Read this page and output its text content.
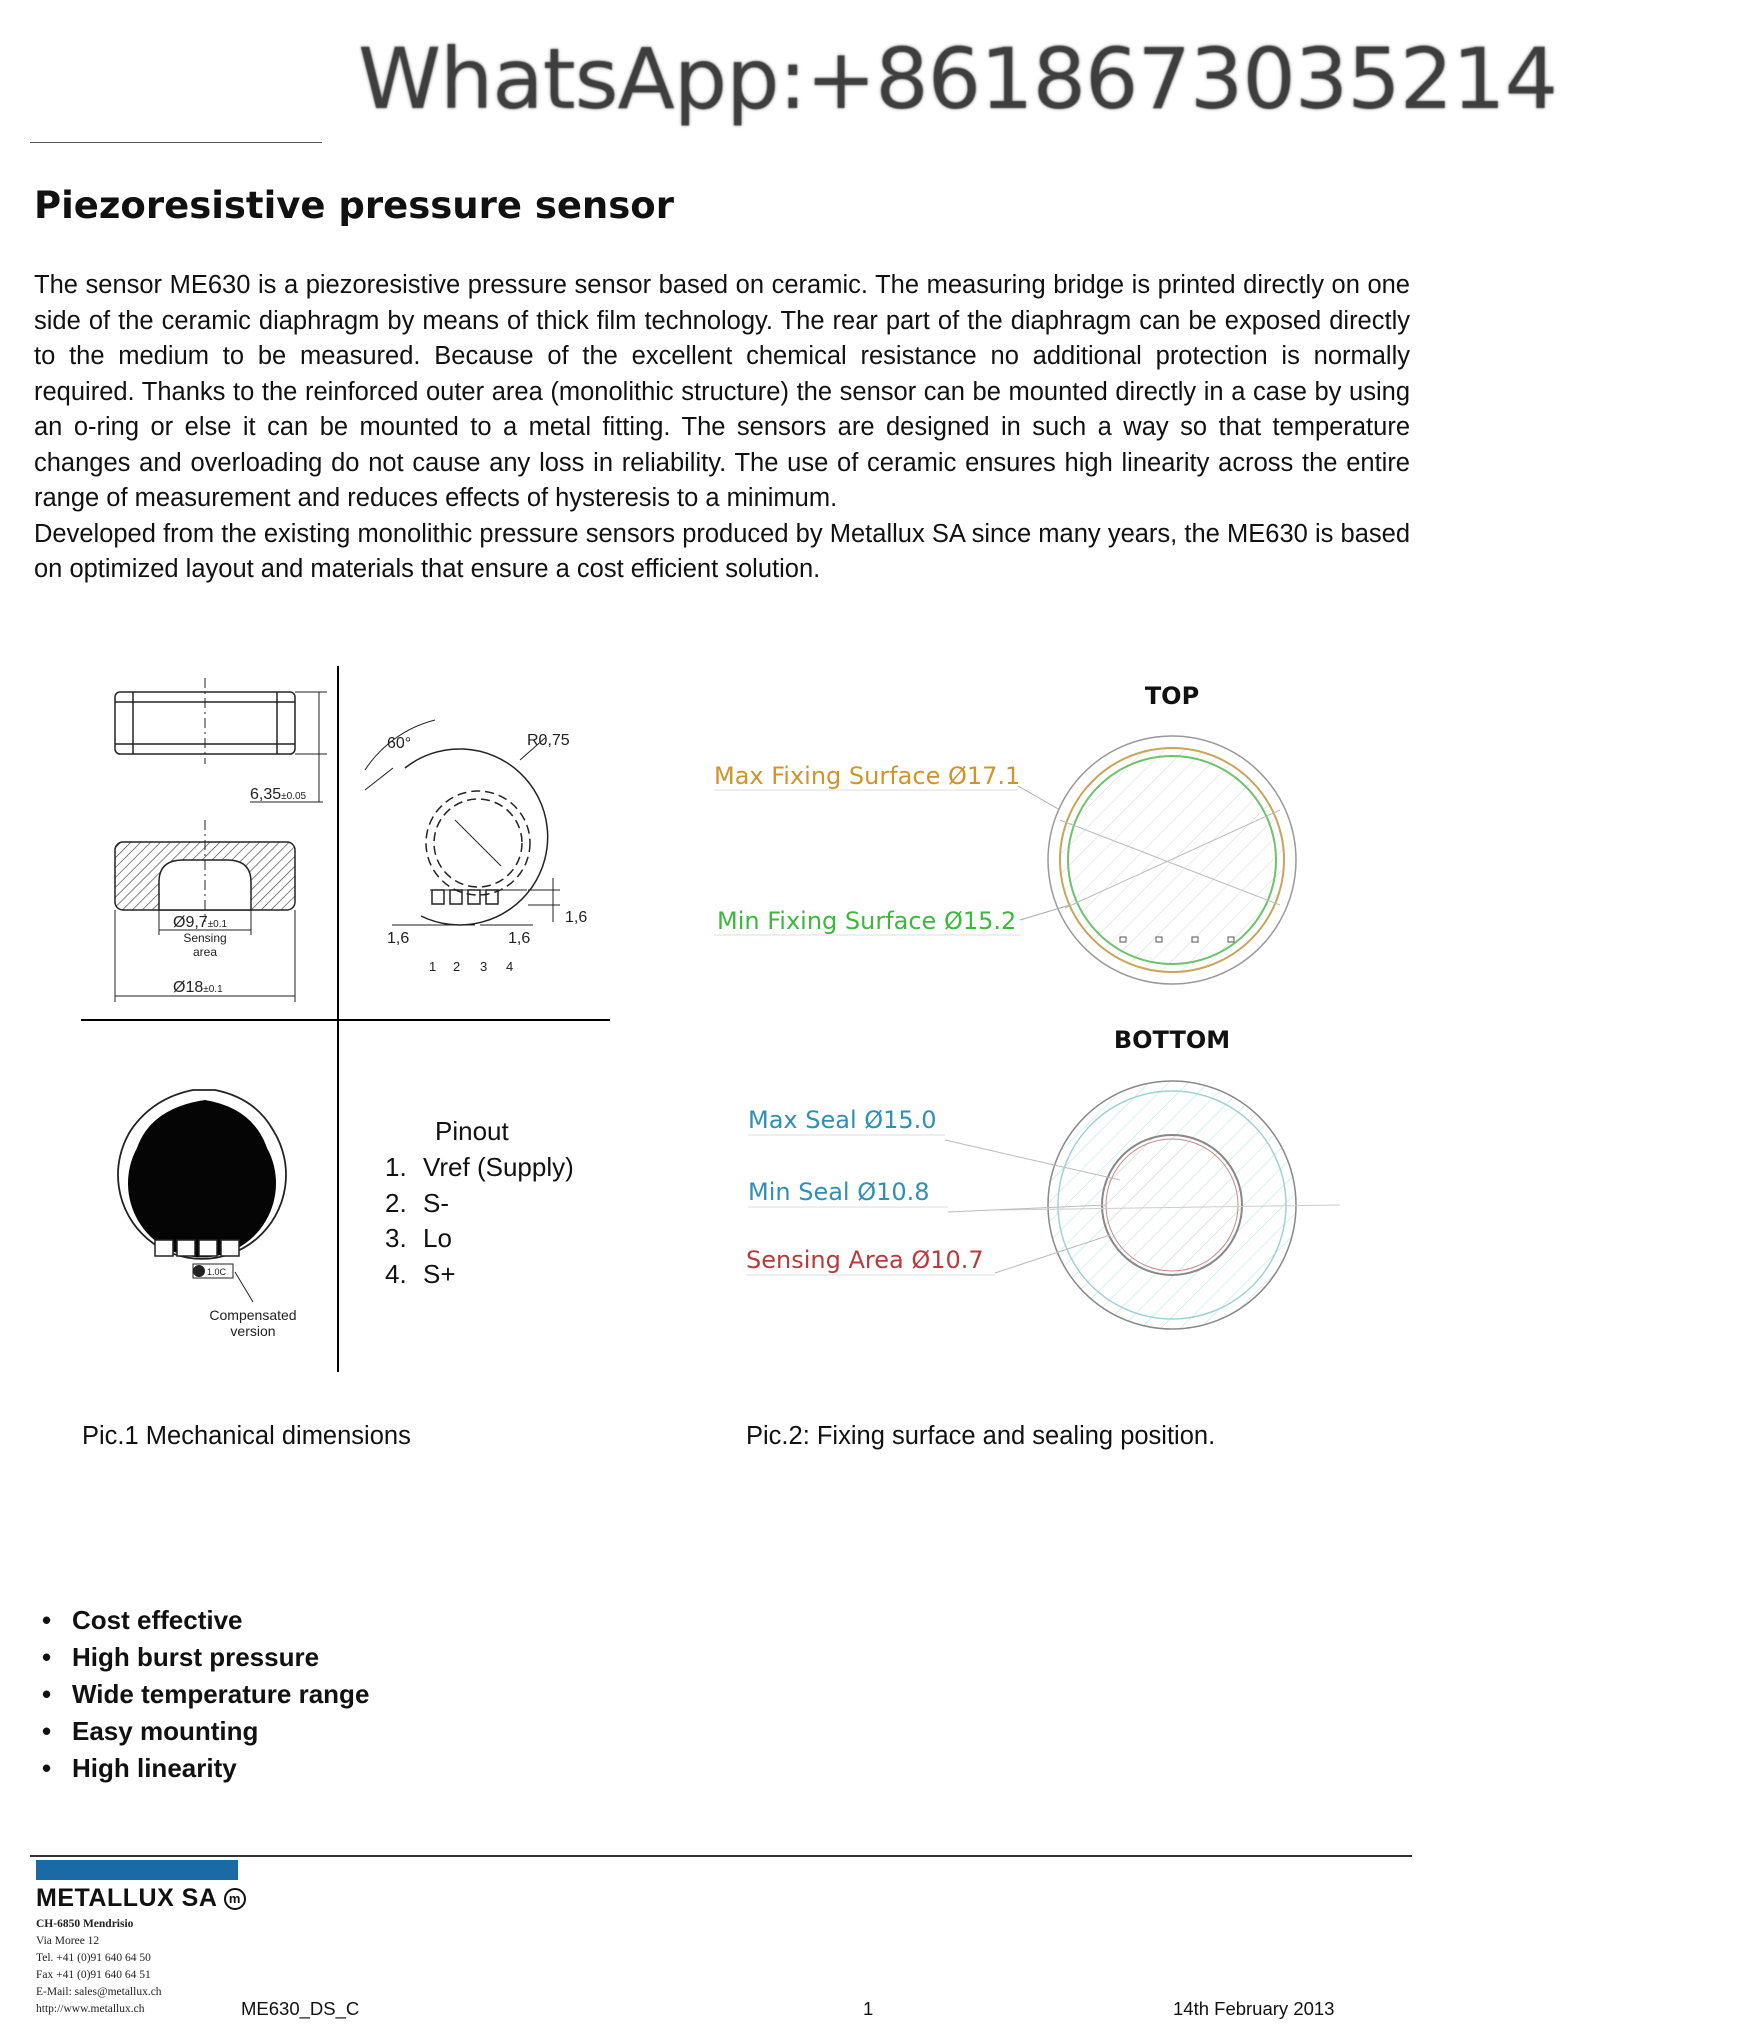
WhatsApp:+8618673035214
Piezoresistive pressure sensor

The sensor ME630 is a piezoresistive pressure sensor based on ceramic. The measuring bridge is printed directly on one side of the ceramic diaphragm by means of thick film technology. The rear part of the diaphragm can be exposed directly to the medium to be measured. Because of the excellent chemical resistance no additional protection is normally required. Thanks to the reinforced outer area (monolithic structure) the sensor can be mounted directly in a case by using an o-ring or else it can be mounted to a metal fitting. The sensors are designed in such a way so that temperature changes and overloading do not cause any loss in reliability. The use of ceramic ensures high linearity across the entire range of measurement and reduces effects of hysteresis to a minimum.

Developed from the existing monolithic pressure sensors produced by Metallux SA since many years, the ME630 is based on optimized layout and materials that ensure a cost efficient solution.

6,35±0.05
Ø9,7±0.1
Sensing
area
Ø18±0.1
60°	R0,75
1,6	1,6
1,6
1 2 3 4
1.0C
Compensated
version
Pinout
1. Vref (Supply)
2. S-
3. Lo
4. S+
TOP
BOTTOM
Max Fixing Surface Ø17.1
Min Fixing Surface Ø15.2
Max Seal Ø15.0
Min Seal Ø10.8
Sensing Area Ø10.7
Pic.1 Mechanical dimensions	Pic.2: Fixing surface and sealing position.
• Cost effective
• High burst pressure
• Wide temperature range
• Easy mounting
• High linearity
METALLUX SA m
CH-6850 Mendrisio
Via Moree 12
Tel. +41 (0)91 640 64 50
Fax +41 (0)91 640 64 51
E-Mail: sales@metallux.ch
http://www.metallux.ch	ME630_DS_C	1	14th February 2013
